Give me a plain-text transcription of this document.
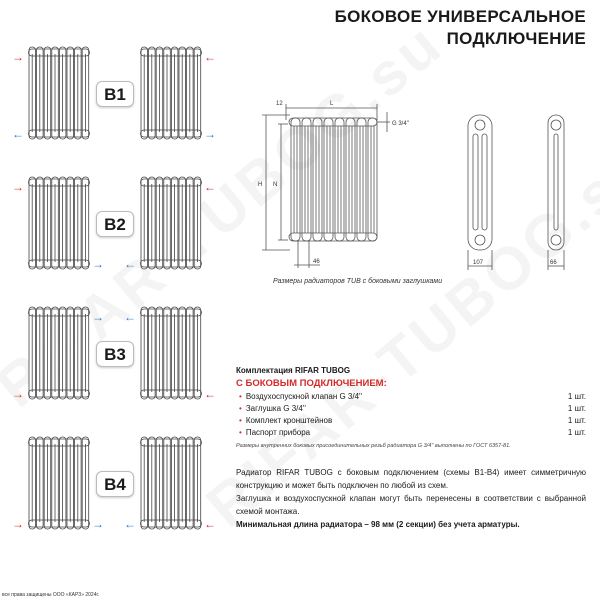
БОКОВОЕ УНИВЕРСАЛЬНОЕ
ПОДКЛЮЧЕНИЕ
→
←
←
→
B1
→
→
←
←
B2
→
→
←
←
B3
→	→	←
←
B4
12	L
H N
46
G 3/4''
107	66
Размеры радиаторов TUB с боковыми заглушками
Комплектация RIFAR TUBOG
С БОКОВЫМ ПОДКЛЮЧЕНИЕМ:
• Воздухоспускной клапан G 3/4''	1 шт.
• Заглушка G 3/4''	1 шт.
• Комплект кронштейнов	1 шт.
• Паспорт прибора	1 шт.
Размеры внутренних боковых присоединительных резьб радиатора G 3/4'' выполнены по ГОСТ 6357-81.
Радиатор RIFAR TUBOG с боковым подключением (схемы B1-B4) имеет симметричную конструкцию и может быть подключен по любой из схем.
Заглушка и воздухоспускной клапан могут быть перенесены в соответствии с выбранной схемой монтажа.
Минимальная длина радиатора – 98 мм (2 секции) без учета арматуры.
все права защищены ООО «КАРЗ» 2024г.
